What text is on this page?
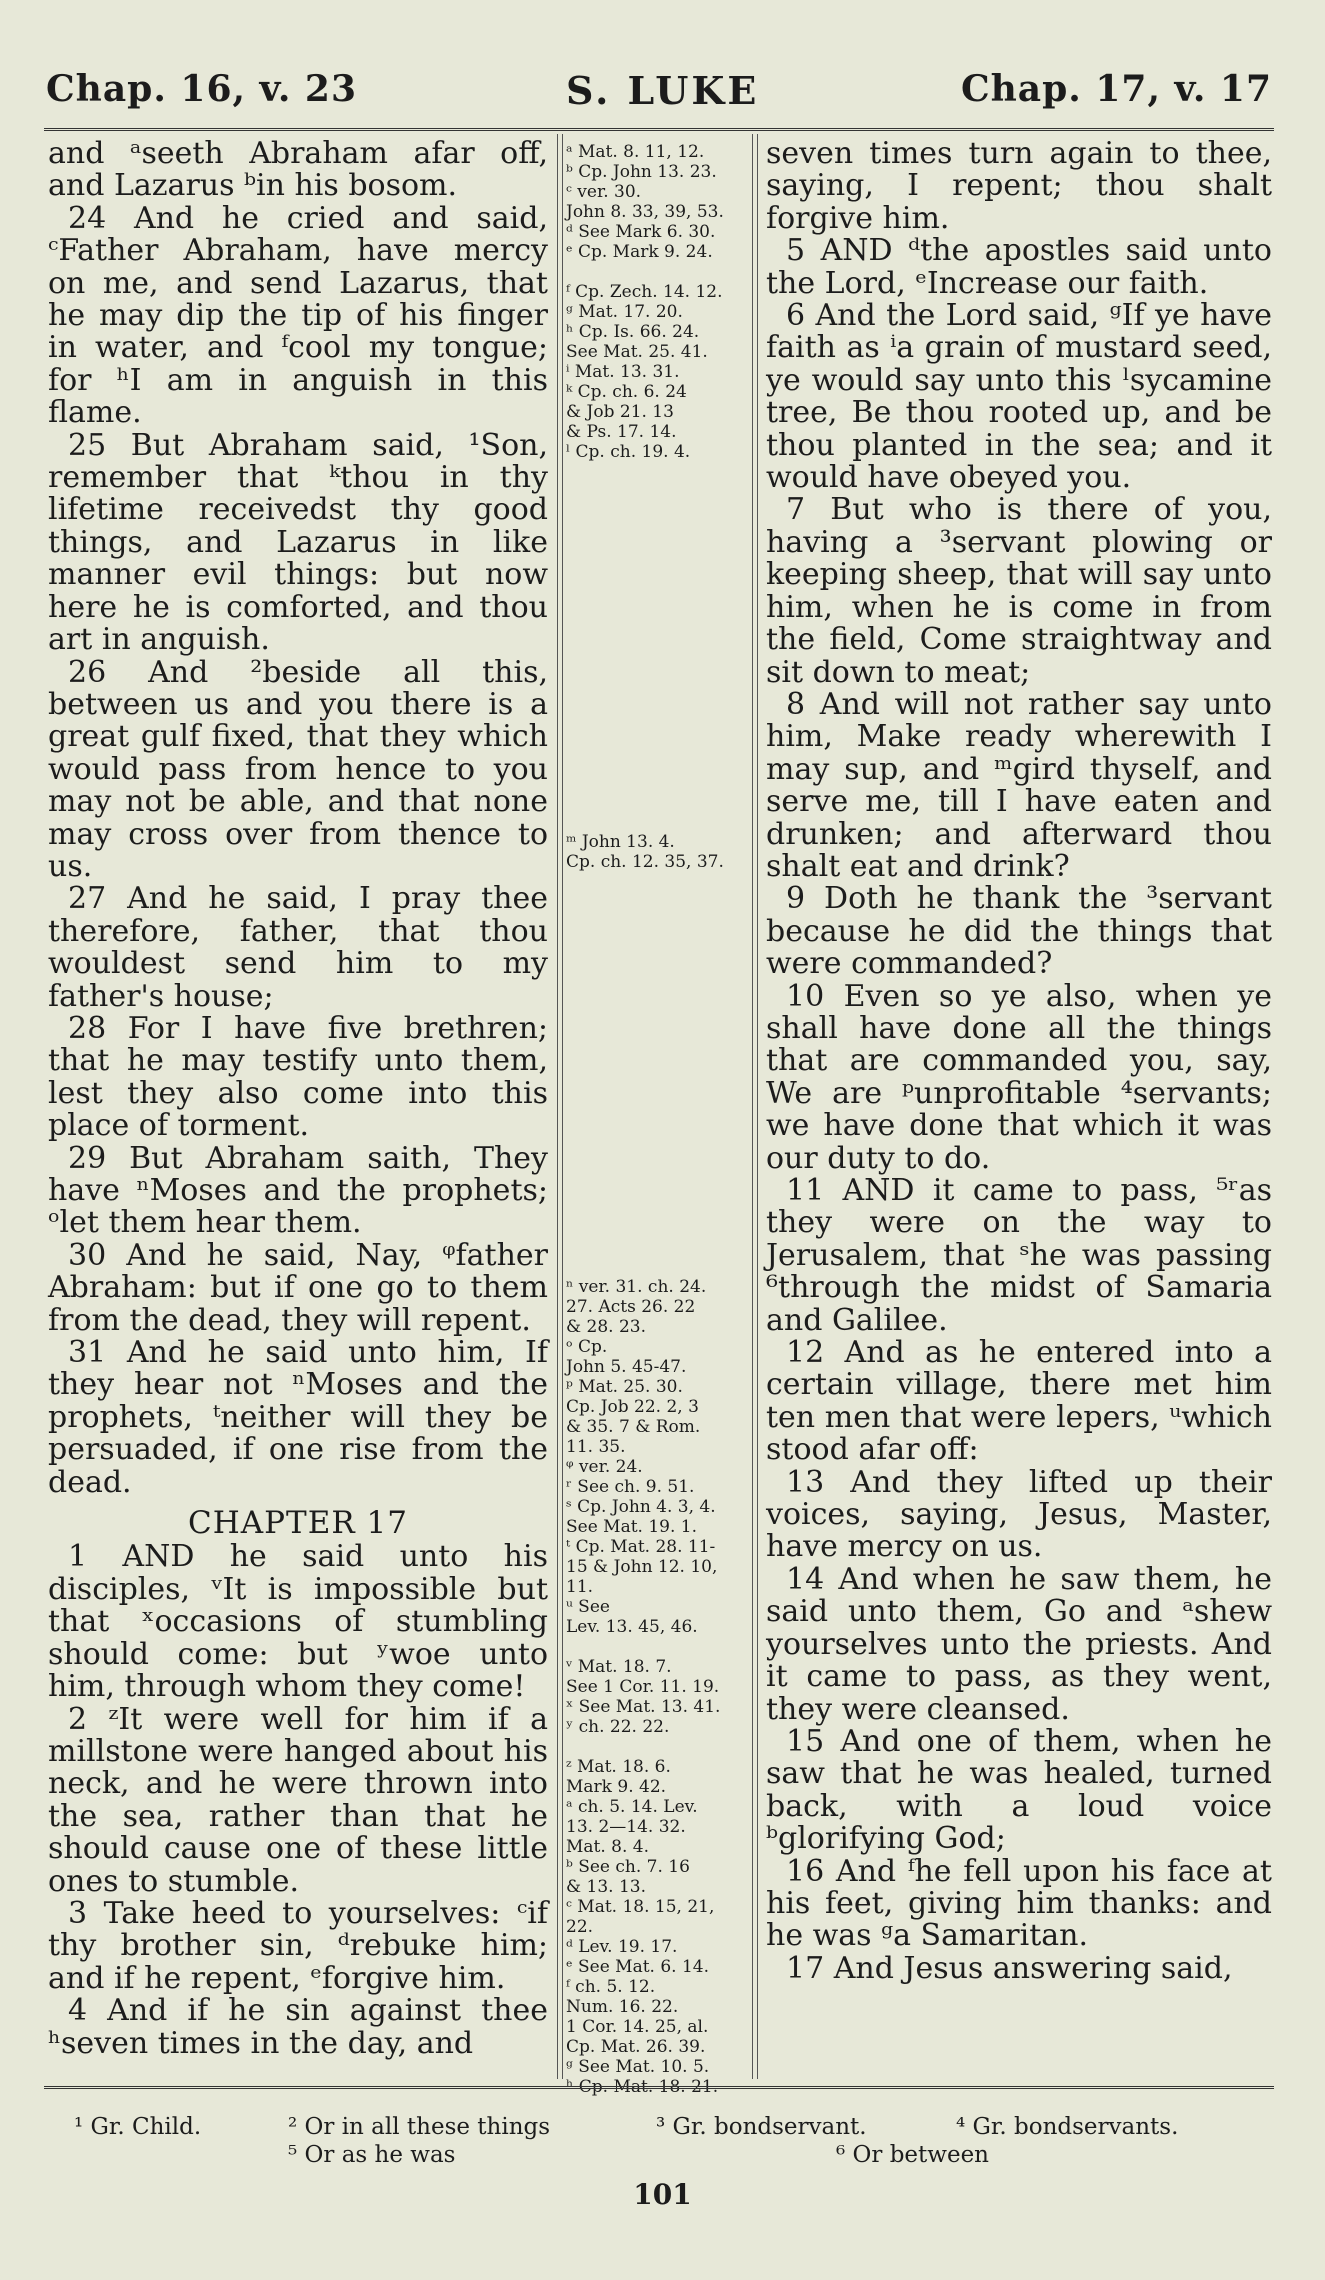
Chap. 16, v. 23	S. LUKE	Chap. 17, v. 17

and ᵃseeth Abraham afar off, and Lazarus ᵇin his bosom.

24 And he cried and said, ᶜFather Abraham, have mercy on me, and send Lazarus, that he may dip the tip of his finger in water, and ᶠcool my tongue; for ʰI am in anguish in this flame.

25 But Abraham said, ¹Son, remember that ᵏthou in thy lifetime receivedst thy good things, and Lazarus in like manner evil things: but now here he is comforted, and thou art in anguish.

26 And ²beside all this, between us and you there is a great gulf fixed, that they which would pass from hence to you may not be able, and that none may cross over from thence to us.

27 And he said, I pray thee therefore, father, that thou wouldest send him to my father's house;

28 For I have five brethren; that he may testify unto them, lest they also come into this place of torment.

29 But Abraham saith, They have ⁿMoses and the prophets; ᵒlet them hear them.

30 And he said, Nay, ᵠfather Abraham: but if one go to them from the dead, they will repent.

31 And he said unto him, If they hear not ⁿMoses and the prophets, ᵗneither will they be persuaded, if one rise from the dead.

CHAPTER 17

1 AND he said unto his disciples, ᵛIt is impossible but that ˣoccasions of stumbling should come: but ʸwoe unto him, through whom they come!

2 ᶻIt were well for him if a millstone were hanged about his neck, and he were thrown into the sea, rather than that he should cause one of these little ones to stumble.

3 Take heed to yourselves: ᶜif thy brother sin, ᵈrebuke him; and if he repent, ᵉforgive him.

4 And if he sin against thee ʰseven times in the day, and

ᵃ Mat. 8. 11, 12.
ᵇ Cp. John 13. 23.
ᶜ ver. 30.
John 8. 33, 39, 53.
ᵈ See Mark 6. 30.
ᵉ Cp. Mark 9. 24.

ᶠ Cp. Zech. 14. 12.
ᵍ Mat. 17. 20.
ʰ Cp. Is. 66. 24.
See Mat. 25. 41.
ⁱ Mat. 13. 31.
ᵏ Cp. ch. 6. 24
& Job 21. 13
& Ps. 17. 14.
ˡ Cp. ch. 19. 4.
ᵐ John 13. 4.
Cp. ch. 12. 35, 37.
ⁿ ver. 31. ch. 24.
27. Acts 26. 22
& 28. 23.
ᵒ Cp.
John 5. 45-47.
ᵖ Mat. 25. 30.
Cp. Job 22. 2, 3
& 35. 7 & Rom.
11. 35.
ᵠ ver. 24.
ʳ See ch. 9. 51.
ˢ Cp. John 4. 3, 4.
See Mat. 19. 1.
ᵗ Cp. Mat. 28. 11-
15 & John 12. 10,
11.
ᵘ See
Lev. 13. 45, 46.

ᵛ Mat. 18. 7.
See 1 Cor. 11. 19.
ˣ See Mat. 13. 41.
ʸ ch. 22. 22.

ᶻ Mat. 18. 6.
Mark 9. 42.
ᵃ ch. 5. 14. Lev.
13. 2—14. 32.
Mat. 8. 4.
ᵇ See ch. 7. 16
& 13. 13.
ᶜ Mat. 18. 15, 21,
22.
ᵈ Lev. 19. 17.
ᵉ See Mat. 6. 14.
ᶠ ch. 5. 12.
Num. 16. 22.
1 Cor. 14. 25, al.
Cp. Mat. 26. 39.
ᵍ See Mat. 10. 5.
ʰ Cp. Mat. 18. 21.

seven times turn again to thee, saying, I repent; thou shalt forgive him.

5 AND ᵈthe apostles said unto the Lord, ᵉIncrease our faith.

6 And the Lord said, ᵍIf ye have faith as ⁱa grain of mustard seed, ye would say unto this ˡsycamine tree, Be thou rooted up, and be thou planted in the sea; and it would have obeyed you.

7 But who is there of you, having a ³servant plowing or keeping sheep, that will say unto him, when he is come in from the field, Come straightway and sit down to meat;

8 And will not rather say unto him, Make ready wherewith I may sup, and ᵐgird thyself, and serve me, till I have eaten and drunken; and afterward thou shalt eat and drink?

9 Doth he thank the ³servant because he did the things that were commanded?

10 Even so ye also, when ye shall have done all the things that are commanded you, say, We are ᵖunprofitable ⁴servants; we have done that which it was our duty to do.

11 AND it came to pass, ⁵ʳas they were on the way to Jerusalem, that ˢhe was passing ⁶through the midst of Samaria and Galilee.

12 And as he entered into a certain village, there met him ten men that were lepers, ᵘwhich stood afar off:

13 And they lifted up their voices, saying, Jesus, Master, have mercy on us.

14 And when he saw them, he said unto them, Go and ᵃshew yourselves unto the priests. And it came to pass, as they went, they were cleansed.

15 And one of them, when he saw that he was healed, turned back, with a loud voice ᵇglorifying God;

16 And ᶠhe fell upon his face at his feet, giving him thanks: and he was ᵍa Samaritan.

17 And Jesus answering said,

¹ Gr. Child.	² Or in all these things	³ Gr. bondservant.	⁴ Gr. bondservants.
⁵ Or as he was	⁶ Or between
101
